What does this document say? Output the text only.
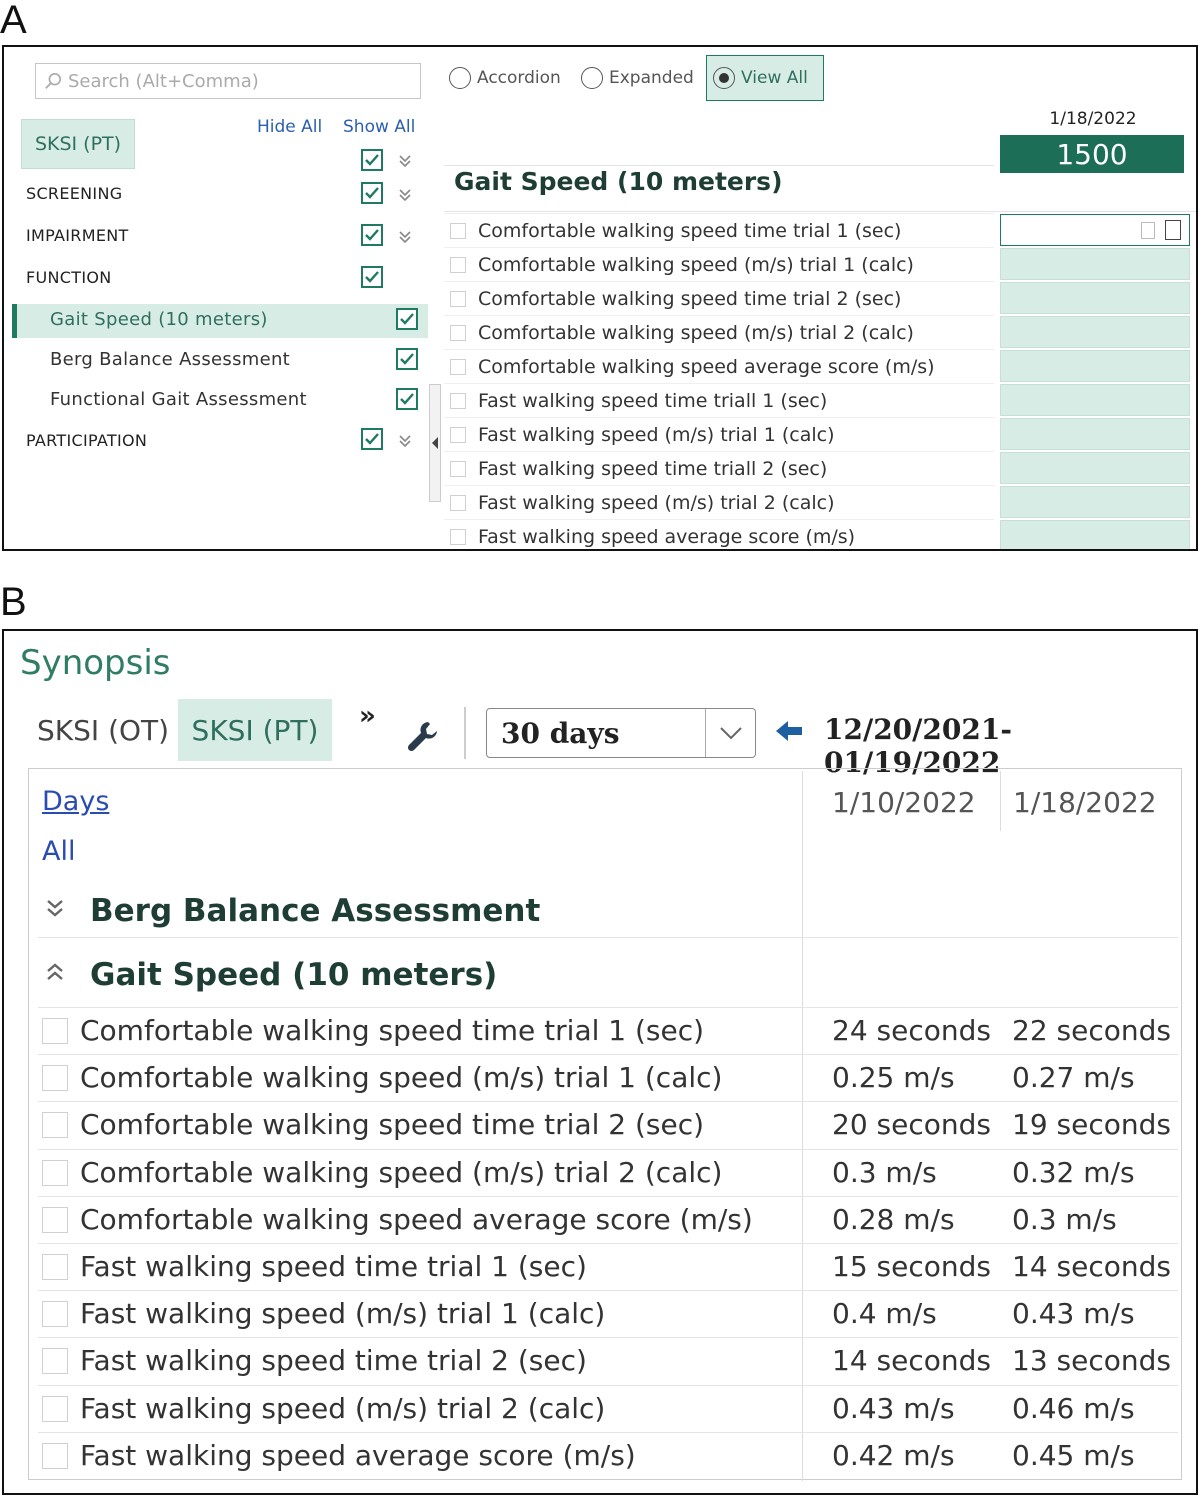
A
B
Search (Alt+Comma)
SKSI (PT)
Hide All Show All
SCREENING
IMPAIRMENT
FUNCTION
Gait Speed (10 meters)
Berg Balance Assessment
Functional Gait Assessment
PARTICIPATION
Accordion	Expanded	View All
1/18/2022
1500
Gait Speed (10 meters)
Comfortable walking speed time trial 1 (sec)
Comfortable walking speed (m/s) trial 1 (calc)
Comfortable walking speed time trial 2 (sec)
Comfortable walking speed (m/s) trial 2 (calc)
Comfortable walking speed average score (m/s)
Fast walking speed time triall 1 (sec)
Fast walking speed (m/s) trial 1 (calc)
Fast walking speed time triall 2 (sec)
Fast walking speed (m/s) trial 2 (calc)
Fast walking speed average score (m/s)
Synopsis
SKSI (OT) SKSI (PT)	»
30 days	12/20/2021- 01/19/2022
Days
All
1/10/2022 1/18/2022
Berg Balance Assessment
Gait Speed (10 meters)
Comfortable walking speed time trial 1 (sec)	24 seconds 22 seconds
Comfortable walking speed (m/s) trial 1 (calc)	0.25 m/s 0.27 m/s
Comfortable walking speed time trial 2 (sec)	20 seconds 19 seconds
Comfortable walking speed (m/s) trial 2 (calc)	0.3 m/s	0.32 m/s
Comfortable walking speed average score (m/s)	0.28 m/s 0.3 m/s
Fast walking speed time trial 1 (sec)	15 seconds 14 seconds
Fast walking speed (m/s) trial 1 (calc)	0.4 m/s	0.43 m/s
Fast walking speed time trial 2 (sec)	14 seconds 13 seconds
Fast walking speed (m/s) trial 2 (calc)	0.43 m/s 0.46 m/s
Fast walking speed average score (m/s)	0.42 m/s 0.45 m/s
